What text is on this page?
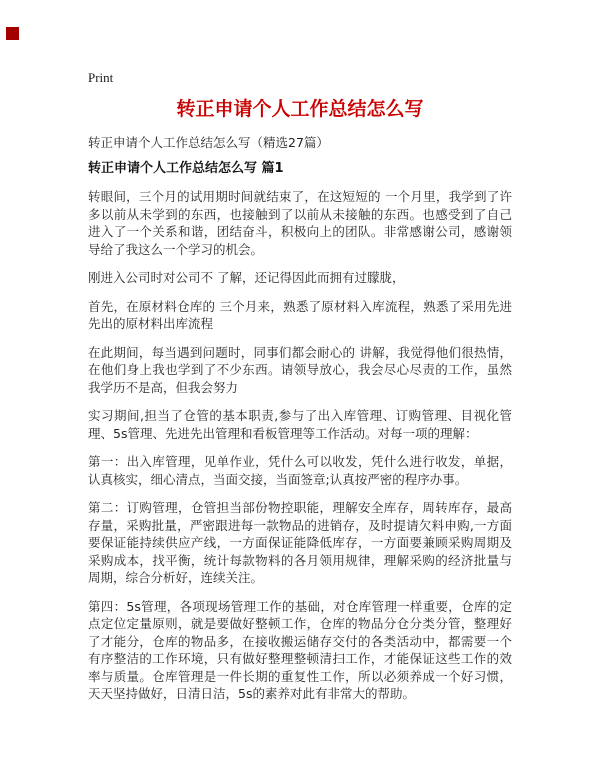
Print
转正申请个人工作总结怎么写
转正申请个人工作总结怎么写（精选27篇）
转正申请个人工作总结怎么写 篇1

转眼间，三个月的试用期时间就结束了，在这短短的 一个月里，我学到了许多以前从未学到的东西，也接触到了以前从未接触的东西。也感受到了自己进入了一个关系和谐，团结奋斗，积极向上的团队。非常感谢公司，感谢领导给了我这么一个学习的机会。

刚进入公司时对公司不 了解，还记得因此而拥有过朦胧，

首先，在原材料仓库的 三个月来，熟悉了原材料入库流程，熟悉了采用先进先出的原材料出库流程

在此期间，每当遇到问题时，同事们都会耐心的 讲解，我觉得他们很热情，在他们身上我也学到了不少东西。请领导放心，我会尽心尽责的工作，虽然我学历不是高，但我会努力

实习期间,担当了仓管的基本职责,参与了出入库管理、订购管理、目视化管理、5s管理、先进先出管理和看板管理等工作活动。对每一项的理解：

第一：出入库管理，见单作业，凭什么可以收发，凭什么进行收发，单据，认真核实，细心清点，当面交接，当面签章;认真按严密的程序办事。

第二：订购管理，仓管担当部份物控职能，理解安全库存，周转库存，最高存量，采购批量，严密跟进每一款物品的进销存，及时提请欠料申购,一方面要保证能持续供应产线，一方面保证能降低库存，一方面要兼顾采购周期及采购成本，找平衡，统计每款物料的各月领用规律，理解采购的经济批量与周期，综合分析好，连续关注。

第四：5s管理，各项现场管理工作的基础，对仓库管理一样重要，仓库的定点定位定量原则，就是要做好整顿工作，仓库的物品分仓分类分管，整理好了才能分，仓库的物品多，在接收搬运储存交付的各类活动中，都需要一个有序整洁的工作环境，只有做好整理整顿清扫工作，才能保证这些工作的效率与质量。仓库管理是一件长期的重复性工作，所以必须养成一个好习惯，天天坚持做好，日清日洁，5s的素养对此有非常大的帮助。
